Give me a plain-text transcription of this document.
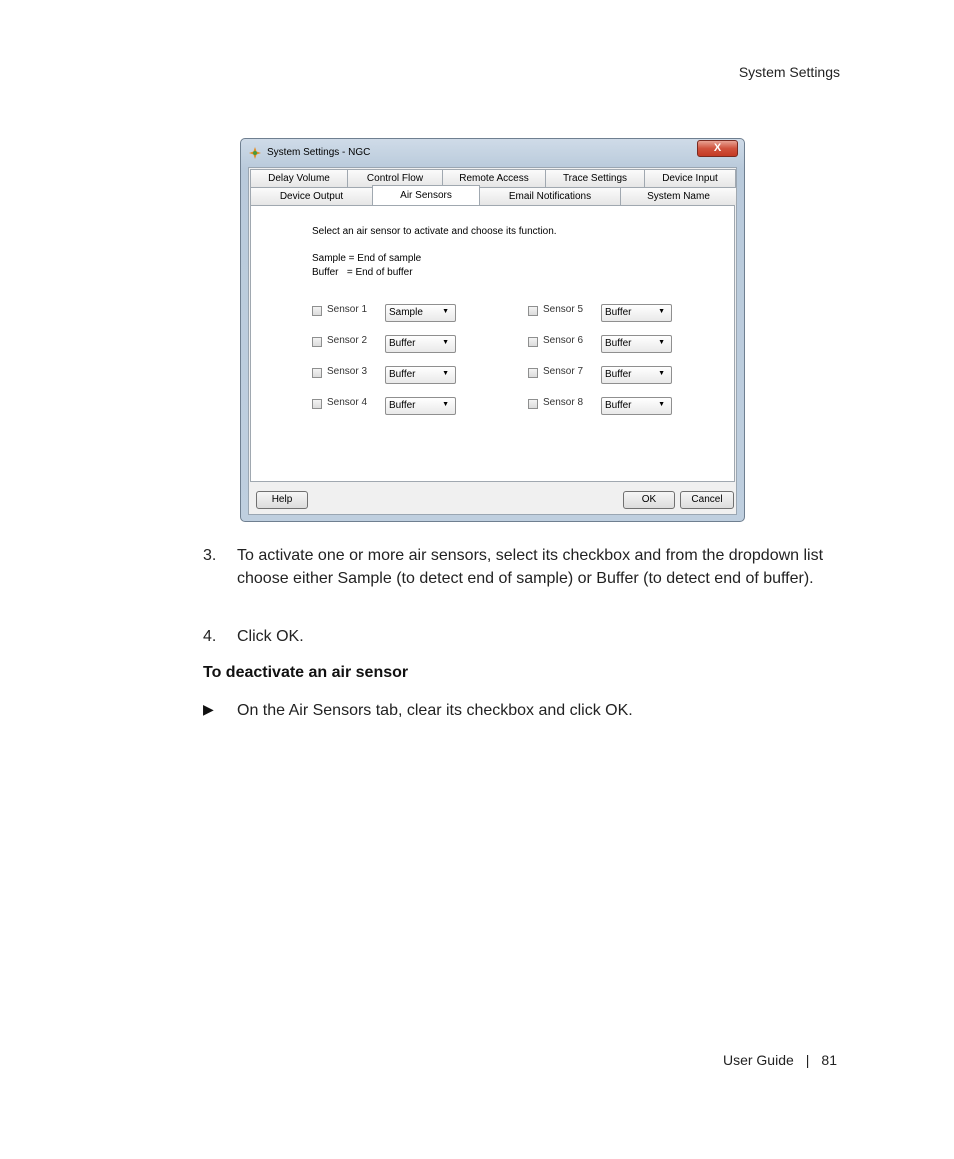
System Settings
System Settings - NGC	X
Delay Volume	Control Flow	Remote Access	Trace Settings	Device Input
Device Output	Air Sensors	Email Notifications	System Name
Select an air sensor to activate and choose its function.
Sample = End of sample
Buffer   = End of buffer
Sensor 1 Sample	▼
Sensor 2 Buffer	▼
Sensor 3 Buffer	▼
Sensor 4 Buffer	▼
Sensor 5 Buffer	▼
Sensor 6 Buffer	▼
Sensor 7 Buffer	▼
Sensor 8 Buffer	▼
Help	OK	Cancel
3. To activate one or more air sensors, select its checkbox and from the dropdown list choose either Sample (to detect end of sample) or Buffer (to detect end of buffer).
4. Click OK.
To deactivate an air sensor
▶ On the Air Sensors tab, clear its checkbox and click OK.
User Guide | 81
